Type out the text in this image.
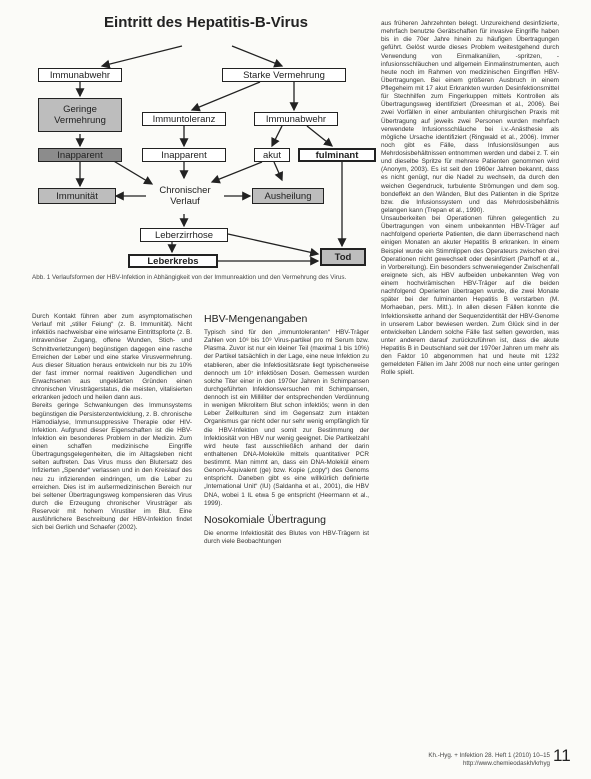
Eintritt des Hepatitis-B-Virus
Immunabwehr	Starke Vermehrung
Geringe Vermehrung	Immuntoleranz	Immunabwehr
Inapparent	Inapparent	akut	fulminant
Immunität	Chronischer Verlauf	Ausheilung
Leberzirrhose
Leberkrebs	Tod
Abb. 1 Verlaufsformen der HBV-Infektion in Abhängigkeit von der Immunreaktion und den Vermehrung des Virus.

Durch Kontakt führen aber zum asymptomatischen Verlauf mit „stiller Feiung“ (z. B. Immunität). Nicht infektiös nachweisbar eine wirksame Eintrittspforte (z. B. intravenöser Zugang, offene Wunden, Stich- und Schnittverletzungen) begünstigen dagegen eine rasche Erreichen der Leber und eine starke Virusvermehrung. Aus dieser Situation heraus entwickeln nur bis zu 10% der fast immer normal reaktiven Jugendlichen und Erwachsenen aus ungeklärten Gründen einen chronischen Virusträgerstatus, die meisten, vitalisierten erkranken jedoch und heilen dann aus.

Bereits geringe Schwankungen des Immunsystems begünstigen die Persistenzentwicklung, z. B. chronische Hämodialyse, Immunsuppressive Therapie oder HIV-Infektion. Aufgrund dieser Eigenschaften ist die HBV-Infektion ein besonderes Problem in der Medizin. Zum einen schaffen medizinische Eingriffe Übertragungsgelegenheiten, die im Alltagsleben nicht selten auftreten. Das Virus muss den Blutersatz des Infizierten „Spender“ verlassen und in den Kreislauf des neu zu infizierenden eindringen, um die Leber zu erreichen. Dies ist im außermedizinischen Bereich nur bei seltener Übertragungsweg kompensieren das Virus durch die Erzeugung chronischer Virusträger als Reservoir mit hohem Virustiter im Blut. Eine ausführlichere Beschreibung der HBV-Infektion findet sich bei Gerlich und Schaefer (2002).

HBV-Mengenangaben

Typisch sind für den „immuntoleranten“ HBV-Träger Zahlen von 10⁸ bis 10⁹ Virus-partikel pro ml Serum bzw. Plasma. Zuvor ist nur ein kleiner Teil (maximal 1 bis 10%) der Partikel tatsächlich in der Lage, eine neue Infektion zu etablieren, aber die Infektiositätsrate liegt typischerweise dennoch um 10⁷ infektiösen Dosen. Gemessen wurden solche Titer einer in den 1970er Jahren in Schimpansen durchgeführten Infektionsversuchen mit Schimpansen, dennoch ist ein Milliliter der entsprechenden Verdünnung in wenigen Mikrolitern Blut schon infektiös; wenn in den Leber Zellkulturen sind im Gegensatz zum intakten Organismus gar nicht oder nur sehr wenig empfänglich für die HBV-Infektion und somit zur Bestimmung der Infektiosität von HBV nur wenig geeignet. Die Partikelzahl wird heute fast ausschließlich anhand der darin enthaltenen DNA-Moleküle mittels quantitativer PCR bestimmt. Man nimmt an, dass ein DNA-Molekül einem Genom-Äquivalent (ge) bzw. Kopie („copy“) des Genoms entspricht. Daneben gibt es eine willkürlich definierte „International Unit“ (IU) (Saldanha et al., 2001), die HBV DNA, wobei 1 IL etwa 5 ge entspricht (Heermann et al., 1999).

Nosokomiale Übertragung

Die enorme Infektiosität des Blutes von HBV-Trägern ist durch viele Beobachtungen

aus früheren Jahrzehnten belegt. Unzureichend desinfizierte, mehrfach benutzte Gerätschaften für invasive Eingriffe haben bis in die 70er Jahre hinein zu häufigen Übertragungen geführt. Gelöst wurde dieses Problem weitestgehend durch Verwendung von Einmalkanülen, -spritzen, -infusionsschläuchen und allgemein Einmalinstrumenten, auch heute noch im Rahmen von medizinischen Eingriffen HBV-Übertragungen. Bei einem größeren Ausbruch in einem Pflegeheim mit 17 akut Erkrankten wurden Desinfektionsmittel für Stechhilfen zum Fingerkuppen mittels Kontrollen als Übertragungsweg identifiziert (Dreesman et al., 2006). Bei zwei Vorfällen in einer ambulanten chirurgischen Praxis mit Übertragung auf jeweils zwei Personen wurden mehrfach verwendete Infusionsschläuche bei i.v.-Anästhesie als mögliche Ursache identifiziert (Ringwald et al., 2006). Immer noch gibt es Fälle, dass Infusionslösungen aus Mehrdosisbehältnissen entnommen werden und dabei z. T. ein und dieselbe Spritze für mehrere Patienten genommen wird (Anonym, 2003). Es ist seit den 1960er Jahren bekannt, dass es nicht genügt, nur die Nadel zu wechseln, da durch den weichen Gegendruck, turbulente Strömungen und dem sog. bondeffekt an den Wänden, Blut des Patienten in die Spritze bzw. die Infusionssystem und das Mehrdosisbehältnis gelangen kann (Trepan et al., 1990).

Unsauberkeiten bei Operationen führen gelegentlich zu Übertragungen von einem unbekannten HBV-Träger auf nachfolgend operierte Patienten, die dann überraschend nach einigen Monaten an akuter Hepatitis B erkranken. In einem Beispiel wurde ein Stimmlippen des Operateurs zwischen drei Operationen nicht gewechselt oder desinfiziert (Parhoff et al., in Vorbereitung). Ein besonders schwerwiegender Zwischenfall ereignete sich, als HBV aufbeiden unbekannten Weg von einem hochvirämischen HBV-Träger auf die beiden nachfolgend Operierten übertragen wurde, die zwei Monate später bei der fulminanten Hepatitis B verstarben (M. Morhaeban, pers. Mitt.). In allen diesen Fällen konnte die Infektionskette anhand der Sequenzidentität der HBV-Genome in unserem Labor bewiesen werden. Zum Glück sind in der entwickelten Ländern solche Fälle fast selten geworden, was unter anderem darauf zurückzuführen ist, dass die akute Hepatitis B in Deutschland seit der 1970er Jahren um mehr als den Faktor 10 abgenommen hat und heute mit 1232 gemeldeten Fällen im Jahr 2008 nur noch eine unter geringen Rolle spielt.

Kh.-Hyg. + Infektion 28. Heft 1 (2010) 10–15
http://www.chemieodaskh/krhyg 11
